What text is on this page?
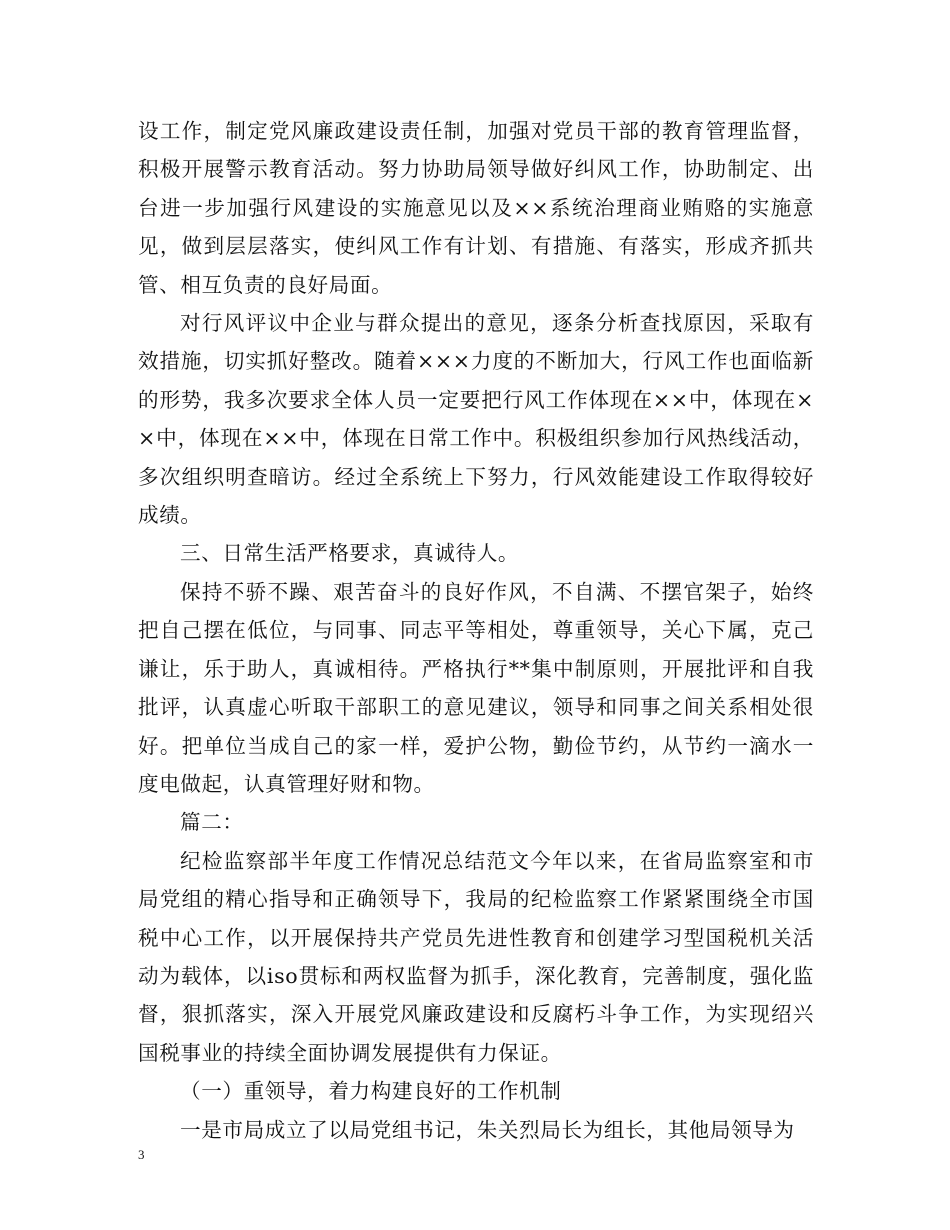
设工作，制定党风廉政建设责任制，加强对党员干部的教育管理监督，积极开展警示教育活动。努力协助局领导做好纠风工作，协助制定、出台进一步加强行风建设的实施意见以及××系统治理商业贿赂的实施意见，做到层层落实，使纠风工作有计划、有措施、有落实，形成齐抓共管、相互负责的良好局面。

对行风评议中企业与群众提出的意见，逐条分析查找原因，采取有效措施，切实抓好整改。随着×××力度的不断加大，行风工作也面临新的形势，我多次要求全体人员一定要把行风工作体现在××中，体现在××中，体现在××中，体现在日常工作中。积极组织参加行风热线活动，多次组织明查暗访。经过全系统上下努力，行风效能建设工作取得较好成绩。

三、日常生活严格要求，真诚待人。

保持不骄不躁、艰苦奋斗的良好作风，不自满、不摆官架子，始终把自己摆在低位，与同事、同志平等相处，尊重领导，关心下属，克己谦让，乐于助人，真诚相待。严格执行**集中制原则，开展批评和自我批评，认真虚心听取干部职工的意见建议，领导和同事之间关系相处很好。把单位当成自己的家一样，爱护公物，勤俭节约，从节约一滴水一度电做起，认真管理好财和物。

篇二：

纪检监察部半年度工作情况总结范文今年以来，在省局监察室和市局党组的精心指导和正确领导下，我局的纪检监察工作紧紧围绕全市国税中心工作，以开展保持共产党员先进性教育和创建学习型国税机关活动为载体，以iso贯标和两权监督为抓手，深化教育，完善制度，强化监督，狠抓落实，深入开展党风廉政建设和反腐朽斗争工作，为实现绍兴国税事业的持续全面协调发展提供有力保证。

（一）重领导，着力构建良好的工作机制

一是市局成立了以局党组书记，朱关烈局长为组长，其他局领导为

3
